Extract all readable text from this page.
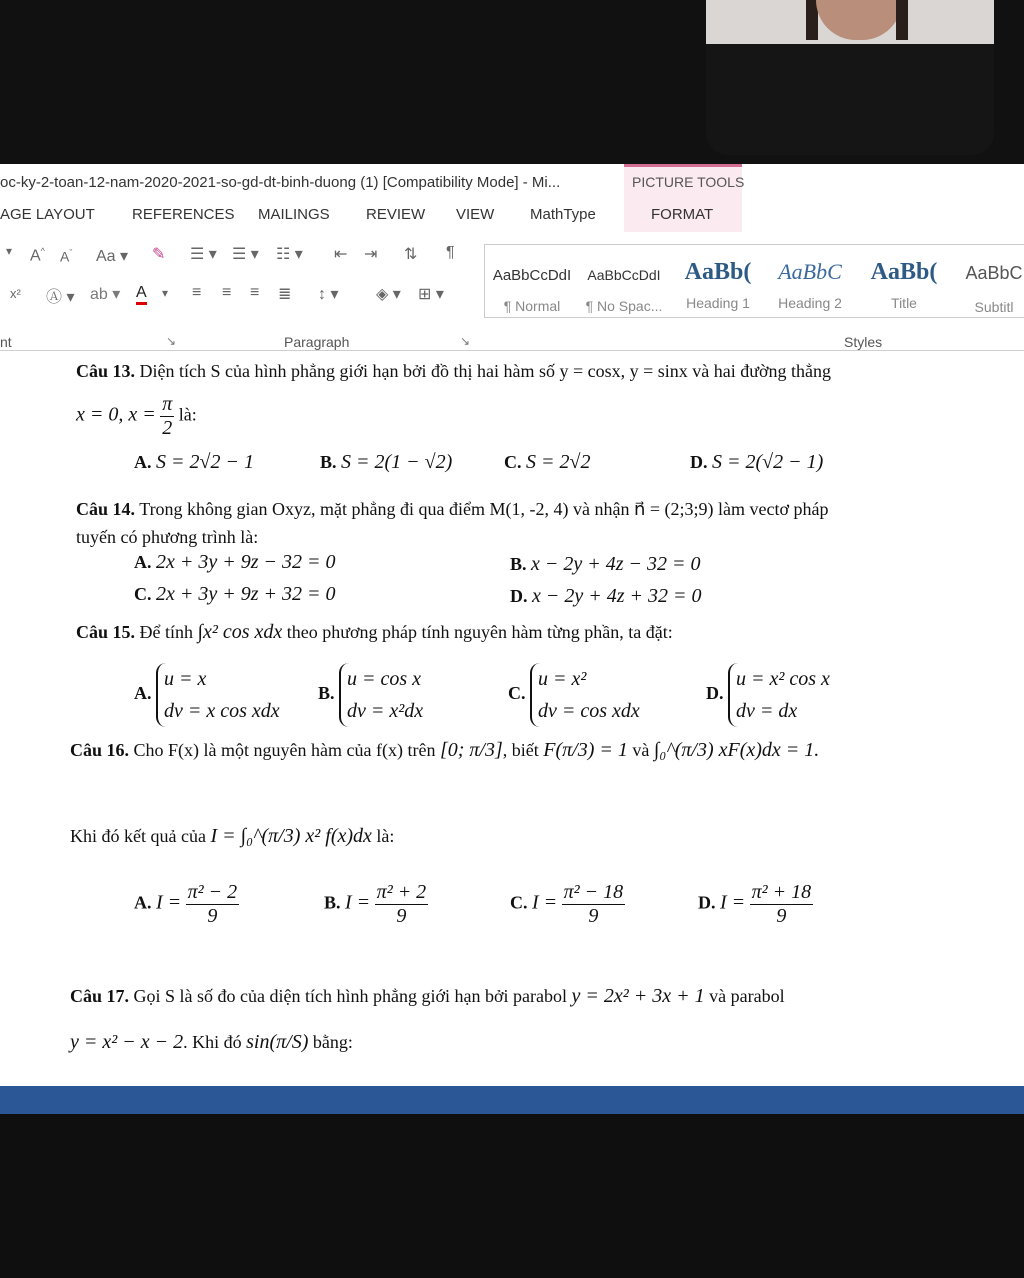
oc-ky-2-toan-12-nam-2020-2021-so-gd-dt-binh-duong (1) [Compatibility Mode] - Mi...	PICTURE TOOLS
AGE LAYOUT REFERENCES MAILINGS REVIEW VIEW MathType	FORMAT
▾ A^ $A^ˇ$ Aa ▾ ✎
x² Ⓐ ▾ ab ▾ A ▾
☰ ▾ ☰ ▾ ☷ ▾ ⇤ ⇥ ⇅ ¶
≡ ≡ ≡ ≣ ↕ ▾ ◈ ▾ ⊞ ▾
AaBbCcDdI
¶ Normal
AaBbCcDdI
¶ No Spac...
AaBb(
Heading 1
AaBbC
Heading 2
AaBb(
Title
AaBbC
Subtitl
nt	↘	Paragraph	↘	Styles
Câu 13. Diện tích S của hình phẳng giới hạn bởi đồ thị hai hàm số y = cosx, y = sinx và hai đường thẳng
x = 0, $x = \frac{\pi}{2}$ là:
A. S = 2√2 − 1	B. S = 2(1 − √2)	C. S = 2√2	D. S = 2(√2 − 1)
Câu 14. Trong không gian Oxyz, mặt phẳng đi qua điểm M(1, -2, 4) và nhận n⃗ = (2;3;9) làm vectơ pháp
tuyến có phương trình là:
A. 2x + 3y + 9z − 32 = 0	B. x − 2y + 4z − 32 = 0
C. 2x + 3y + 9z + 32 = 0	D. x − 2y + 4z + 32 = 0
Câu 15. Để tính ∫x² cos xdx theo phương pháp tính nguyên hàm từng phần, ta đặt:
A. u = x
dv = x cos xdx
B. u = cos x
dv = x²dx
C. u = x²
dv = cos xdx
D. u = x² cos x
dv = dx
Câu 16. Cho F(x) là một nguyên hàm của f(x) trên [0; π/3], biết F(π/3) = 1 và ∫₀^(π/3) xF(x)dx = 1.
Khi đó kết quả của I = ∫₀^(π/3) x² f(x)dx là:
A. $I = \frac{\text{π² − 2}}{9}$	B. $I = \frac{\text{π² + 2}}{9}$	C. $I = \frac{\text{π² − 18}}{9}$	D. $I = \frac{\text{π² + 18}}{9}$
Câu 17. Gọi S là số đo của diện tích hình phẳng giới hạn bởi parabol y = 2x² + 3x + 1 và parabol
y = x² − x − 2. Khi đó sin(π/S) bằng:
